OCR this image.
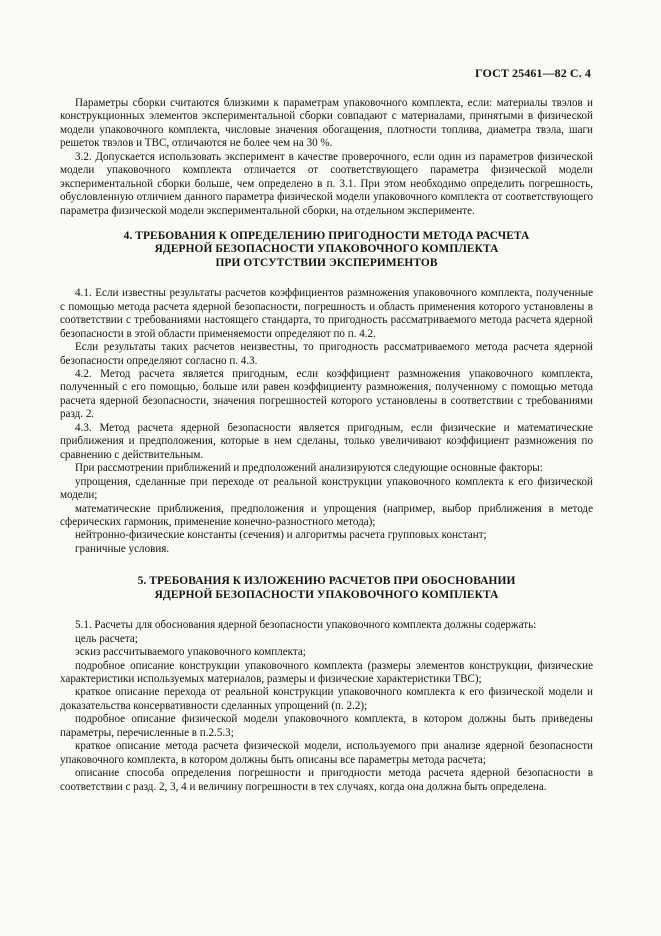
ГОСТ 25461—82 С. 4

Параметры сборки считаются близкими к параметрам упаковочного комплекта, если: материалы твэлов и конструкционных элементов экспериментальной сборки совпадают с материалами, принятыми в физической модели упаковочного комплекта, числовые значения обогащения, плотности топлива, диаметра твэла, шаги решеток твэлов и ТВС, отличаются не более чем на 30 %.

3.2. Допускается использовать эксперимент в качестве проверочного, если один из параметров физической модели упаковочного комплекта отличается от соответствующего параметра физической модели экспериментальной сборки больше, чем определено в п. 3.1. При этом необходимо определить погрешность, обусловленную отличием данного параметра физической модели упаковочного комплекта от соответствующего параметра физической модели экспериментальной сборки, на отдельном эксперименте.

4. ТРЕБОВАНИЯ К ОПРЕДЕЛЕНИЮ ПРИГОДНОСТИ МЕТОДА РАСЧЕТА
ЯДЕРНОЙ БЕЗОПАСНОСТИ УПАКОВОЧНОГО КОМПЛЕКТА
ПРИ ОТСУТСТВИИ ЭКСПЕРИМЕНТОВ

4.1. Если известны результаты расчетов коэффициентов размножения упаковочного комплекта, полученные с помощью метода расчета ядерной безопасности, погрешность и область применения которого установлены в соответствии с требованиями настоящего стандарта, то пригодность рассматриваемого метода расчета ядерной безопасности в этой области применяемости определяют по п. 4.2.

Если результаты таких расчетов неизвестны, то пригодность рассматриваемого метода расчета ядерной безопасности определяют согласно п. 4.3.

4.2. Метод расчета является пригодным, если коэффициент размножения упаковочного комплекта, полученный с его помощью, больше или равен коэффициенту размножения, полученному с помощью метода расчета ядерной безопасности, значения погрешностей которого установлены в соответствии с требованиями разд. 2.

4.3. Метод расчета ядерной безопасности является пригодным, если физические и математические приближения и предположения, которые в нем сделаны, только увеличивают коэффициент размножения по сравнению с действительным.

При рассмотрении приближений и предположений анализируются следующие основные факторы:

упрощения, сделанные при переходе от реальной конструкции упаковочного комплекта к его физической модели;

математические приближения, предположения и упрощения (например, выбор приближения в методе сферических гармоник, применение конечно-разностного метода);

нейтронно-физические константы (сечения) и алгоритмы расчета групповых констант;

граничные условия.

5. ТРЕБОВАНИЯ К ИЗЛОЖЕНИЮ РАСЧЕТОВ ПРИ ОБОСНОВАНИИ
ЯДЕРНОЙ БЕЗОПАСНОСТИ УПАКОВОЧНОГО КОМПЛЕКТА

5.1. Расчеты для обоснования ядерной безопасности упаковочного комплекта должны содержать:

цель расчета;

эскиз рассчитываемого упаковочного комплекта;

подробное описание конструкции упаковочного комплекта (размеры элементов конструкции, физические характеристики используемых материалов, размеры и физические характеристики ТВС);

краткое описание перехода от реальной конструкции упаковочного комплекта к его физической модели и доказательства консервативности сделанных упрощений (п. 2.2);

подробное описание физической модели упаковочного комплекта, в котором должны быть приведены параметры, перечисленные в п.2.5.3;

краткое описание метода расчета физической модели, используемого при анализе ядерной безопасности упаковочного комплекта, в котором должны быть описаны все параметры метода расчета;

описание способа определения погрешности и пригодности метода расчета ядерной безопасности в соответствии с разд. 2, 3, 4 и величину погрешности в тех случаях, когда она должна быть определена.
